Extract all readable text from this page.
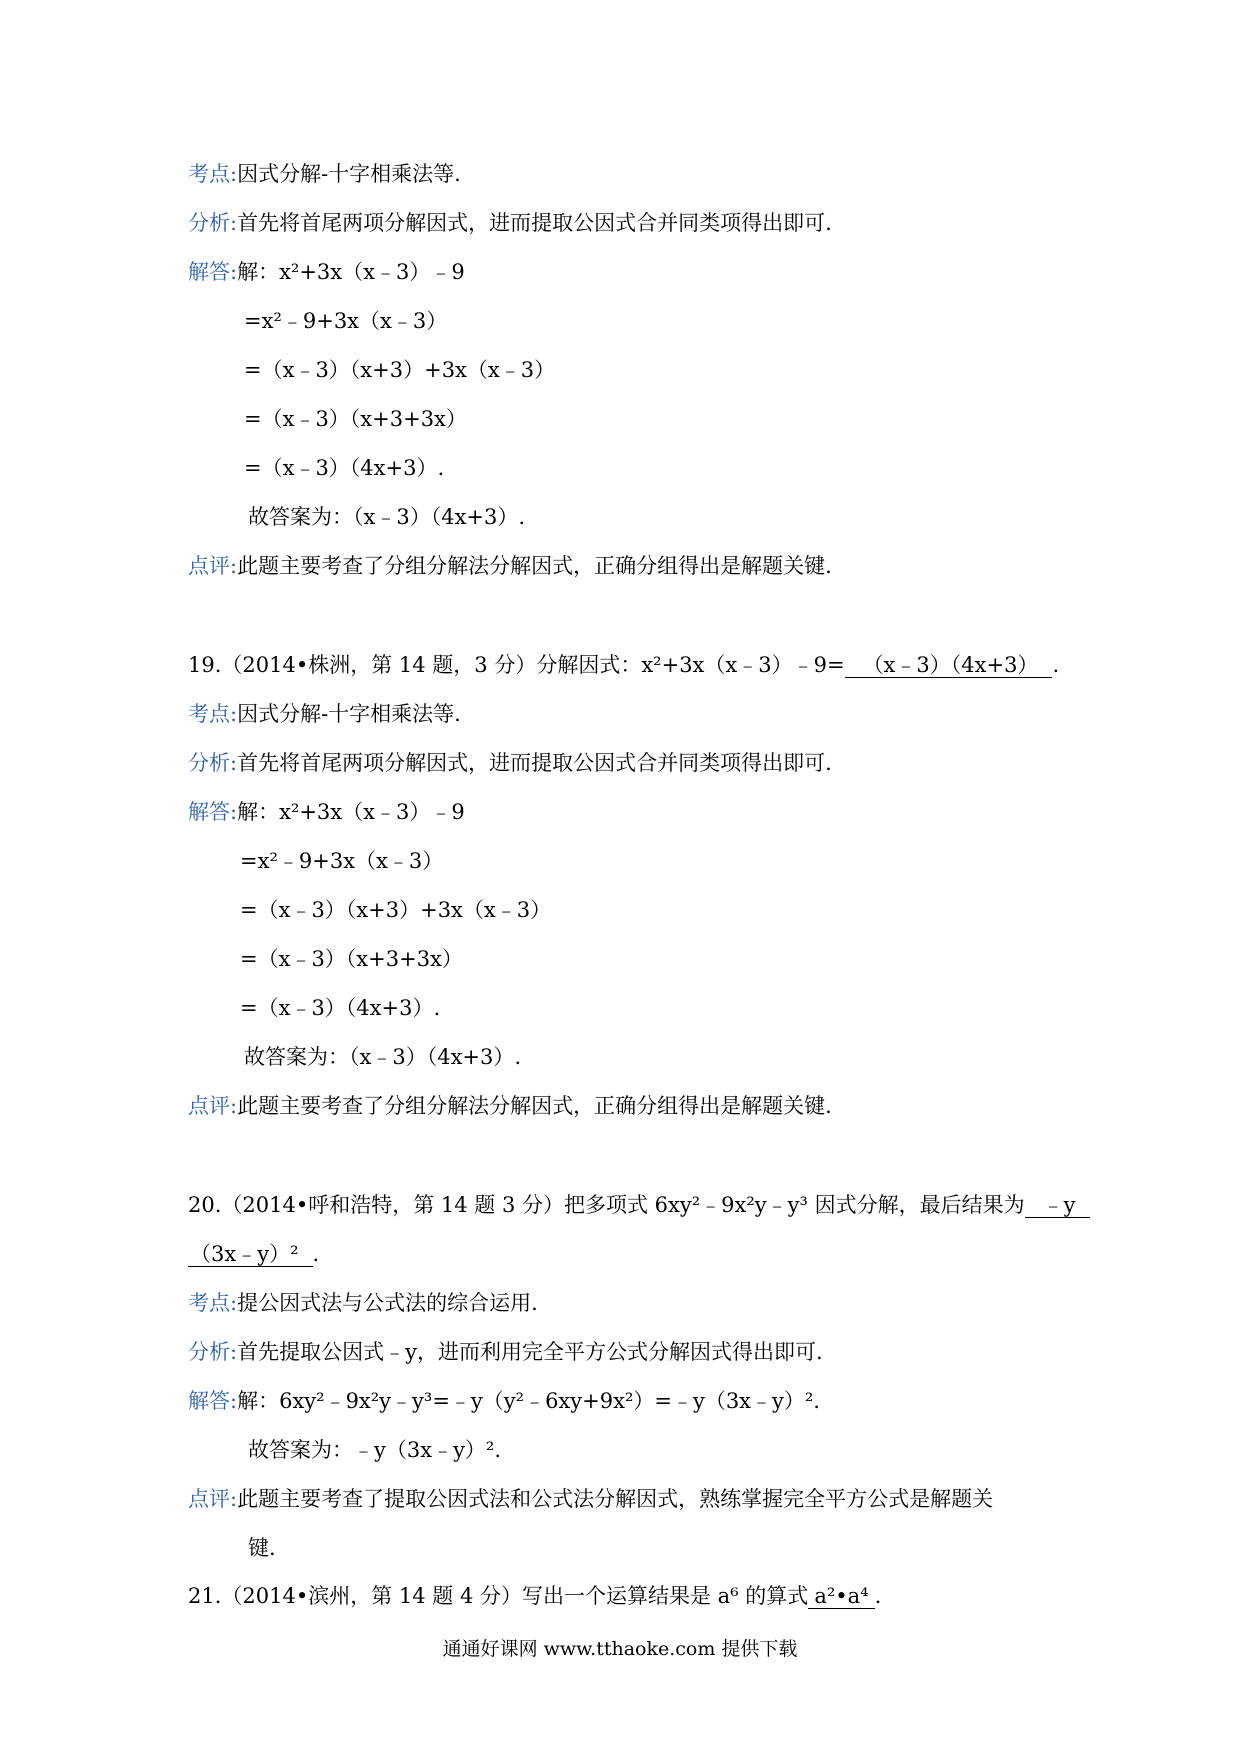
考点:因式分解-十字相乘法等.
分析:首先将首尾两项分解因式，进而提取公因式合并同类项得出即可.
解答:解：x²+3x（x﹣3）﹣9
=x²﹣9+3x（x﹣3）
=（x﹣3）（x+3）+3x（x﹣3）
=（x﹣3）（x+3+3x）
=（x﹣3）（4x+3）.
故答案为：（x﹣3）（4x+3）.
点评:此题主要考查了分组分解法分解因式，正确分组得出是解题关键.
19.（2014•株洲，第 14 题，3 分）分解因式：x²+3x（x﹣3）﹣9= （x﹣3）（4x+3） .
考点:因式分解-十字相乘法等.
分析:首先将首尾两项分解因式，进而提取公因式合并同类项得出即可.
解答:解：x²+3x（x﹣3）﹣9
=x²﹣9+3x（x﹣3）
=（x﹣3）（x+3）+3x（x﹣3）
=（x﹣3）（x+3+3x）
=（x﹣3）（4x+3）.
故答案为：（x﹣3）（4x+3）.
点评:此题主要考查了分组分解法分解因式，正确分组得出是解题关键.
20.（2014•呼和浩特，第 14 题 3 分）把多项式 6xy²﹣9x²y﹣y³ 因式分解，最后结果为 ﹣y
（3x﹣y）² .
考点:提公因式法与公式法的综合运用.
分析:首先提取公因式﹣y，进而利用完全平方公式分解因式得出即可.
解答:解：6xy²﹣9x²y﹣y³=﹣y（y²﹣6xy+9x²）=﹣y（3x﹣y）².
故答案为：﹣y（3x﹣y）².
点评:此题主要考查了提取公因式法和公式法分解因式，熟练掌握完全平方公式是解题关
键.
21.（2014•滨州，第 14 题 4 分）写出一个运算结果是 a⁶ 的算式 a²•a⁴ .
通通好课网 www.tthaoke.com 提供下载
